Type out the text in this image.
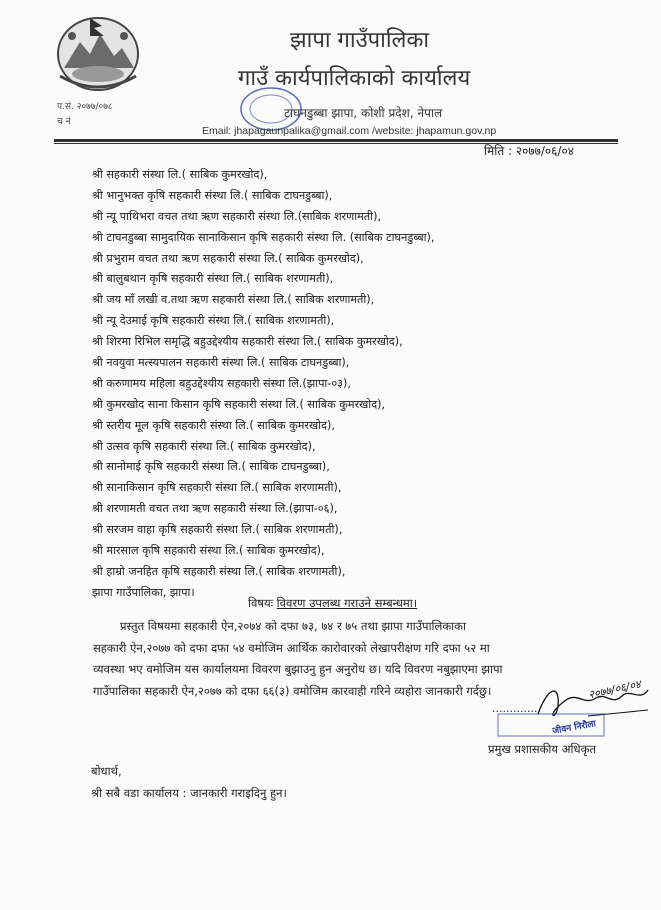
प.सं. २०७७/०७८
च नं
झापा गाउँपालिका
गाउँ कार्यपालिकाको कार्यालय
टाघनडुब्बा झापा, कोशी प्रदेश, नेपाल
Email: jhapagaunpalika@gmail.com /website: jhapamun.gov.np
मिति : २०७७/०६/०४
श्री सहकारी संस्था लि.( साबिक कुमरखोद),
श्री भानुभक्त कृषि सहकारी संस्था लि.( साबिक टाघनडुब्बा),
श्री न्यू पाथिभरा वचत तथा ऋण सहकारी संस्था लि.(साबिक शरणामती),
श्री टाघनडुब्बा सामुदायिक सानाकिसान कृषि सहकारी संस्था लि. (साबिक टाघनडुब्बा),
श्री प्रभुराम वचत तथा ऋण सहकारी संस्था लि.( साबिक कुमरखोद),
श्री बालुबथान कृषि सहकारी संस्था लि.( साबिक शरणामती),
श्री जय माँ लखी व.तथा ऋण सहकारी संस्था लि.( साबिक शरणामती),
श्री न्यू देउमाई कृषि सहकारी संस्था लि.( साबिक शरणामती),
श्री शिरमा रिभिल समृद्धि बहुउद्देश्यीय सहकारी संस्था लि.( साबिक कुमरखोद),
श्री नवयुवा मत्स्यपालन सहकारी संस्था लि.( साबिक टाघनडुब्बा),
श्री करुणामय महिला बहुउद्देश्यीय सहकारी संस्था लि.(झापा-०३),
श्री कुमरखोद साना किसान कृषि सहकारी संस्था लि.( साबिक कुमरखोद),
श्री स्तरीय मूल कृषि सहकारी संस्था लि.( साबिक कुमरखोद),
श्री उत्सव कृषि सहकारी संस्था लि.( साबिक कुमरखोद),
श्री सानोमाई कृषि सहकारी संस्था लि.( साबिक टाघनडुब्बा),
श्री सानाकिसान कृषि सहकारी संस्था लि.( साबिक शरणामती),
श्री शरणामती वचत तथा ऋण सहकारी संस्था लि.(झापा-०६),
श्री सरजम वाहा कृषि सहकारी संस्था लि.( साबिक शरणामती),
श्री मारसाल कृषि सहकारी संस्था लि.( साबिक कुमरखोद),
श्री हाम्रो जनहित कृषि सहकारी संस्था लि.( साबिक शरणामती),
झापा गाउँपालिका, झापा।
विषयः विवरण उपलब्ध गराउने सम्बन्धमा।
प्रस्तुत विषयमा सहकारी ऐन,२०७४ को दफा ७३, ७४ र ७५ तथा झापा गाउँपालिकाका
सहकारी ऐन,२०७७ को दफा दफा ५४ वमोजिम आर्थिक कारोवारको लेखापरीक्षण गरि दफा ५२ मा
व्यवस्था भए वमोजिम यस कार्यालयमा विवरण बुझाउनु हुन अनुरोध छ। यदि विवरण नबुझाएमा झापा
गाउँपालिका सहकारी ऐन,२०७७ को दफा ६६(३) वमोजिम कारवाही गरिने व्यहोरा जानकारी गर्दछु।
..............
२०७७/०६/०४
जीवन निरौला
प्रमुख प्रशासकीय अधिकृत
बोधार्थ,
श्री सबै वडा कार्यालय : जानकारी गराइदिनु हुन।
